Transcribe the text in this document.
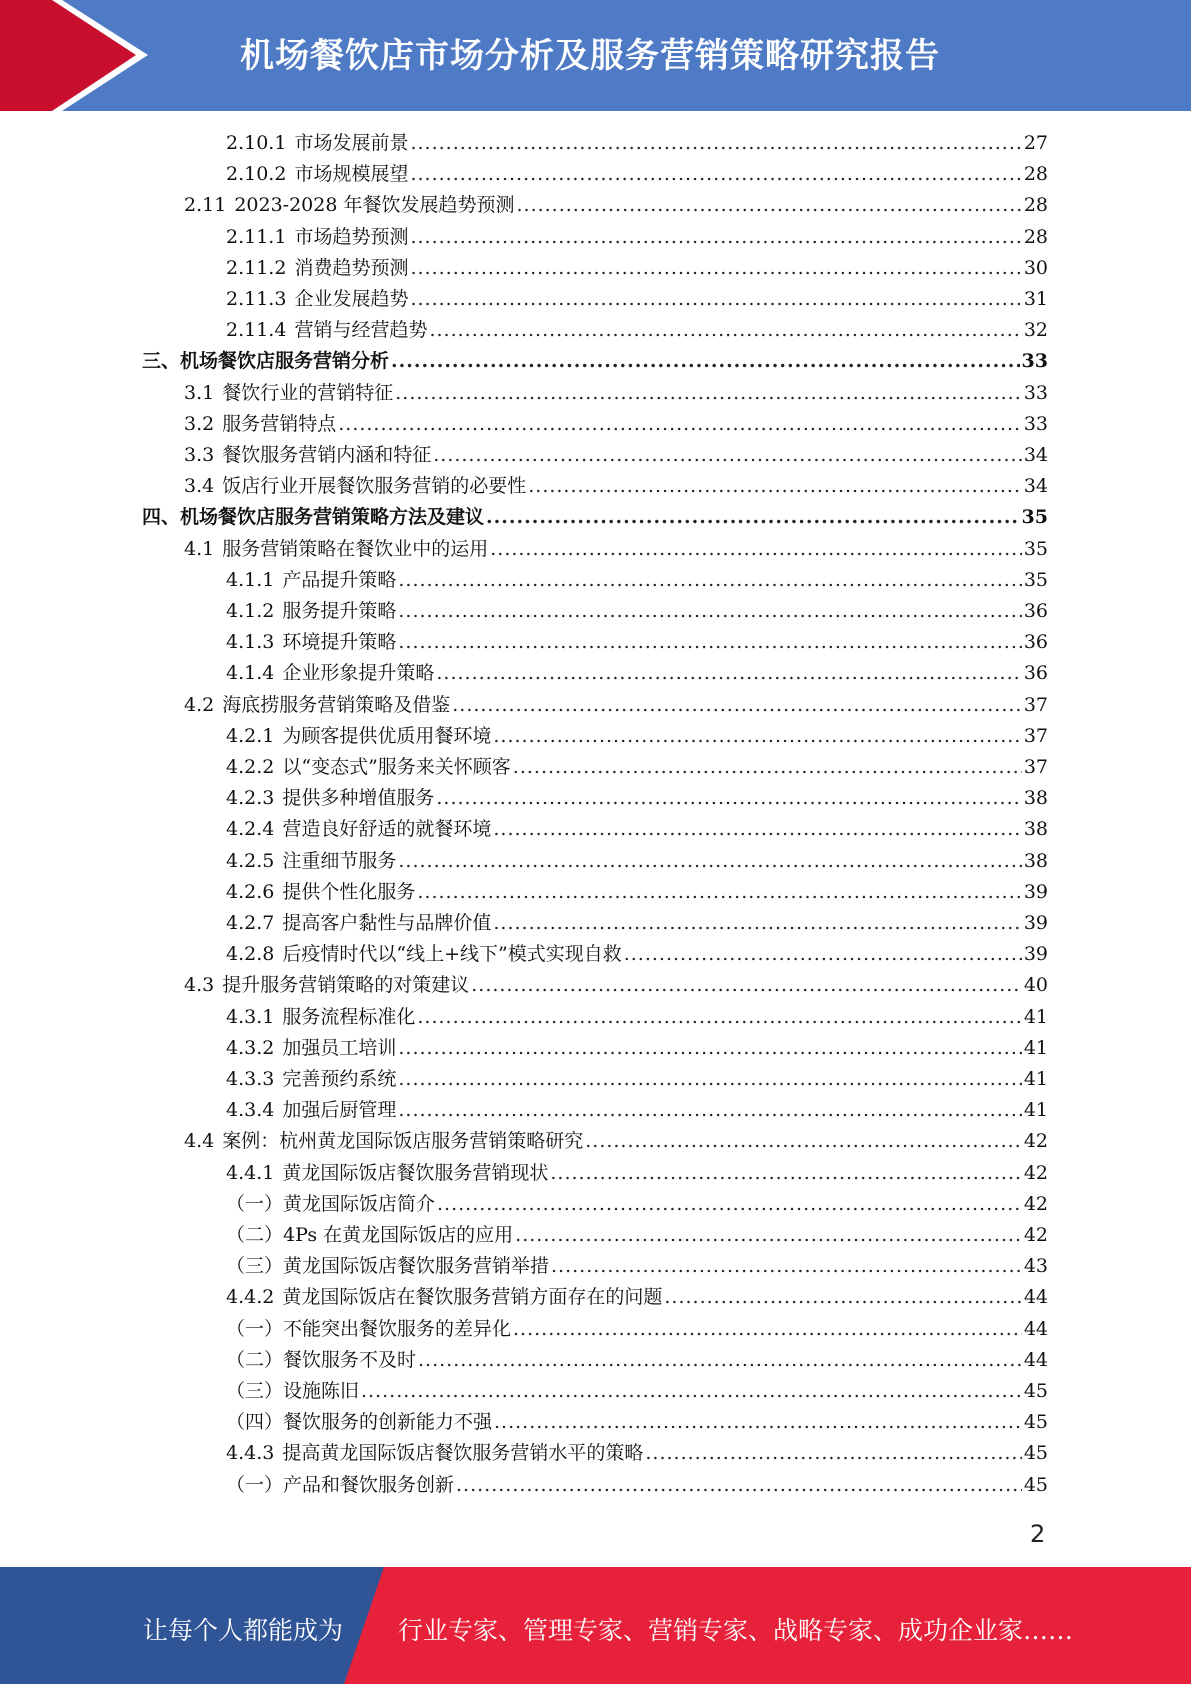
机场餐饮店市场分析及服务营销策略研究报告
2.10.1 市场发展前景 .....	27
2.10.2 市场规模展望 .....	28
2.11 2023-2028 年餐饮发展趋势预测 .....	28
2.11.1 市场趋势预测 .....	28
2.11.2 消费趋势预测 .....	30
2.11.3 企业发展趋势 .....	31
2.11.4 营销与经营趋势 .....	32
三、机场餐饮店服务营销分析 .....	33
3.1 餐饮行业的营销特征 .....	33
3.2 服务营销特点 .....	33
3.3 餐饮服务营销内涵和特征 .....	34
3.4 饭店行业开展餐饮服务营销的必要性 .....	34
四、机场餐饮店服务营销策略方法及建议 .....	35
4.1 服务营销策略在餐饮业中的运用 .....	35
4.1.1 产品提升策略 .....	35
4.1.2 服务提升策略 .....	36
4.1.3 环境提升策略 .....	36
4.1.4 企业形象提升策略 .....	36
4.2 海底捞服务营销策略及借鉴 .....	37
4.2.1 为顾客提供优质用餐环境 .....	37
4.2.2 以“变态式”服务来关怀顾客 .....	37
4.2.3 提供多种增值服务 .....	38
4.2.4 营造良好舒适的就餐环境 .....	38
4.2.5 注重细节服务 .....	38
4.2.6 提供个性化服务 .....	39
4.2.7 提高客户黏性与品牌价值 .....	39
4.2.8 后疫情时代以“线上+线下”模式实现自救 .....	39
4.3 提升服务营销策略的对策建议 .....	40
4.3.1 服务流程标准化 .....	41
4.3.2 加强员工培训 .....	41
4.3.3 完善预约系统 .....	41
4.3.4 加强后厨管理 .....	41
4.4 案例：杭州黄龙国际饭店服务营销策略研究 .....	42
4.4.1 黄龙国际饭店餐饮服务营销现状 .....	42
（一）黄龙国际饭店简介 .....	42
（二）4Ps 在黄龙国际饭店的应用 .....	42
（三）黄龙国际饭店餐饮服务营销举措 .....	43
4.4.2 黄龙国际饭店在餐饮服务营销方面存在的问题 .....	44
（一）不能突出餐饮服务的差异化 .....	44
（二）餐饮服务不及时 .....	44
（三）设施陈旧 .....	45
（四）餐饮服务的创新能力不强 .....	45
4.4.3 提高黄龙国际饭店餐饮服务营销水平的策略 .....	45
（一）产品和餐饮服务创新 .....	45
2
让每个人都能成为 行业专家、管理专家、营销专家、战略专家、成功企业家……
